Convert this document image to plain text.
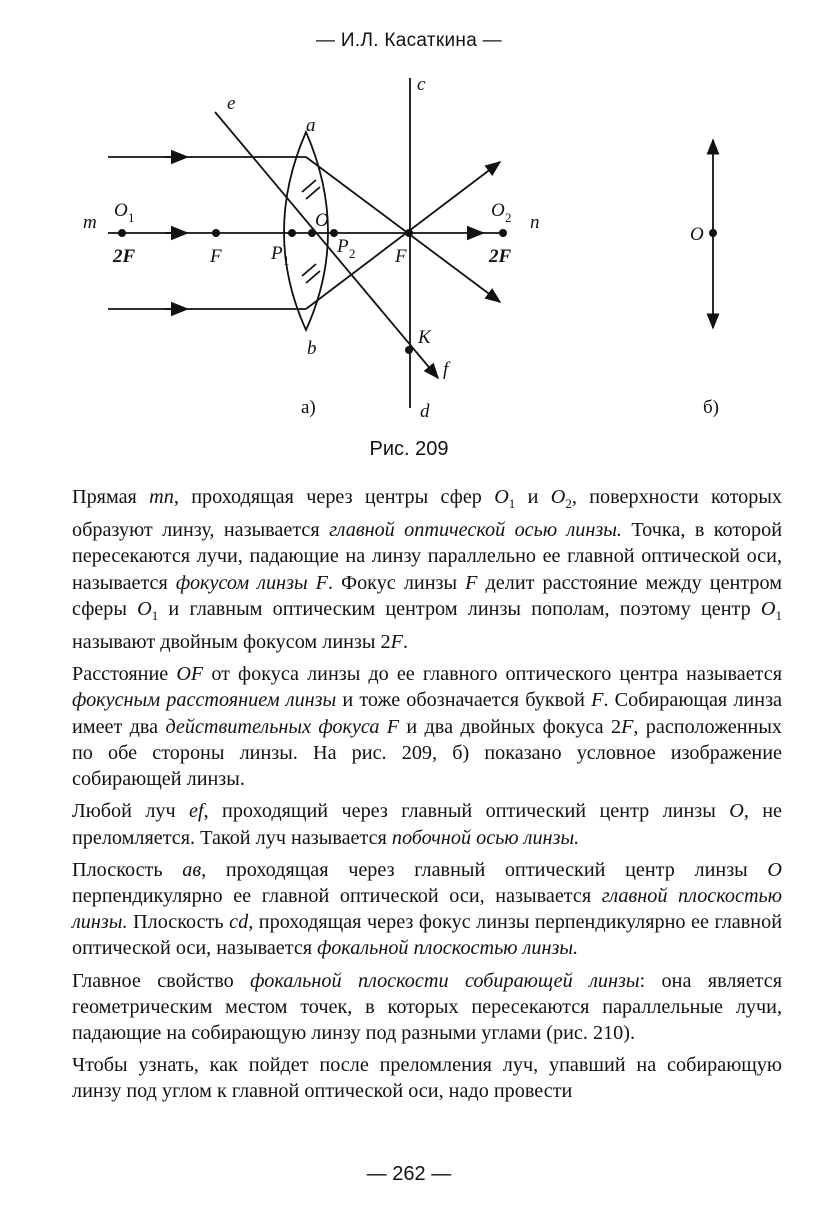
— И.Л. Касаткина —
e
c
a
b
d
f
K
m	n
O 1	O 2
O
2F	F	P 1
P 2 F	2F
O
а)	б)
Рис. 209

Прямая mn, проходящая через центры сфер $O_1$ и $O_2$, поверхности которых образуют линзу, называется главной оптической осью линзы. Точка, в которой пересекаются лучи, падающие на линзу параллельно ее главной оптической оси, называется фокусом линзы F. Фокус линзы F делит расстояние между центром сферы $O_1$ и главным оптическим центром линзы пополам, поэтому центр $O_1$ называют двойным фокусом линзы 2F.

Расстояние OF от фокуса линзы до ее главного оптического центра называется фокусным расстоянием линзы и тоже обозначается буквой F. Собирающая линза имеет два действительных фокуса F и два двойных фокуса 2F, расположенных по обе стороны линзы. На рис. 209, б) показано условное изображение собирающей линзы.

Любой луч ef, проходящий через главный оптический центр линзы O, не преломляется. Такой луч называется побочной осью линзы.

Плоскость ав, проходящая через главный оптический центр линзы O перпендикулярно ее главной оптической оси, называется главной плоскостью линзы. Плоскость cd, проходящая через фокус линзы перпендикулярно ее главной оптической оси, называется фокальной плоскостью линзы.

Главное свойство фокальной плоскости собирающей линзы: она является геометрическим местом точек, в которых пересекаются параллельные лучи, падающие на собирающую линзу под разными углами (рис. 210).

Чтобы узнать, как пойдет после преломления луч, упавший на собирающую линзу под углом к главной оптической оси, надо провести

— 262 —
